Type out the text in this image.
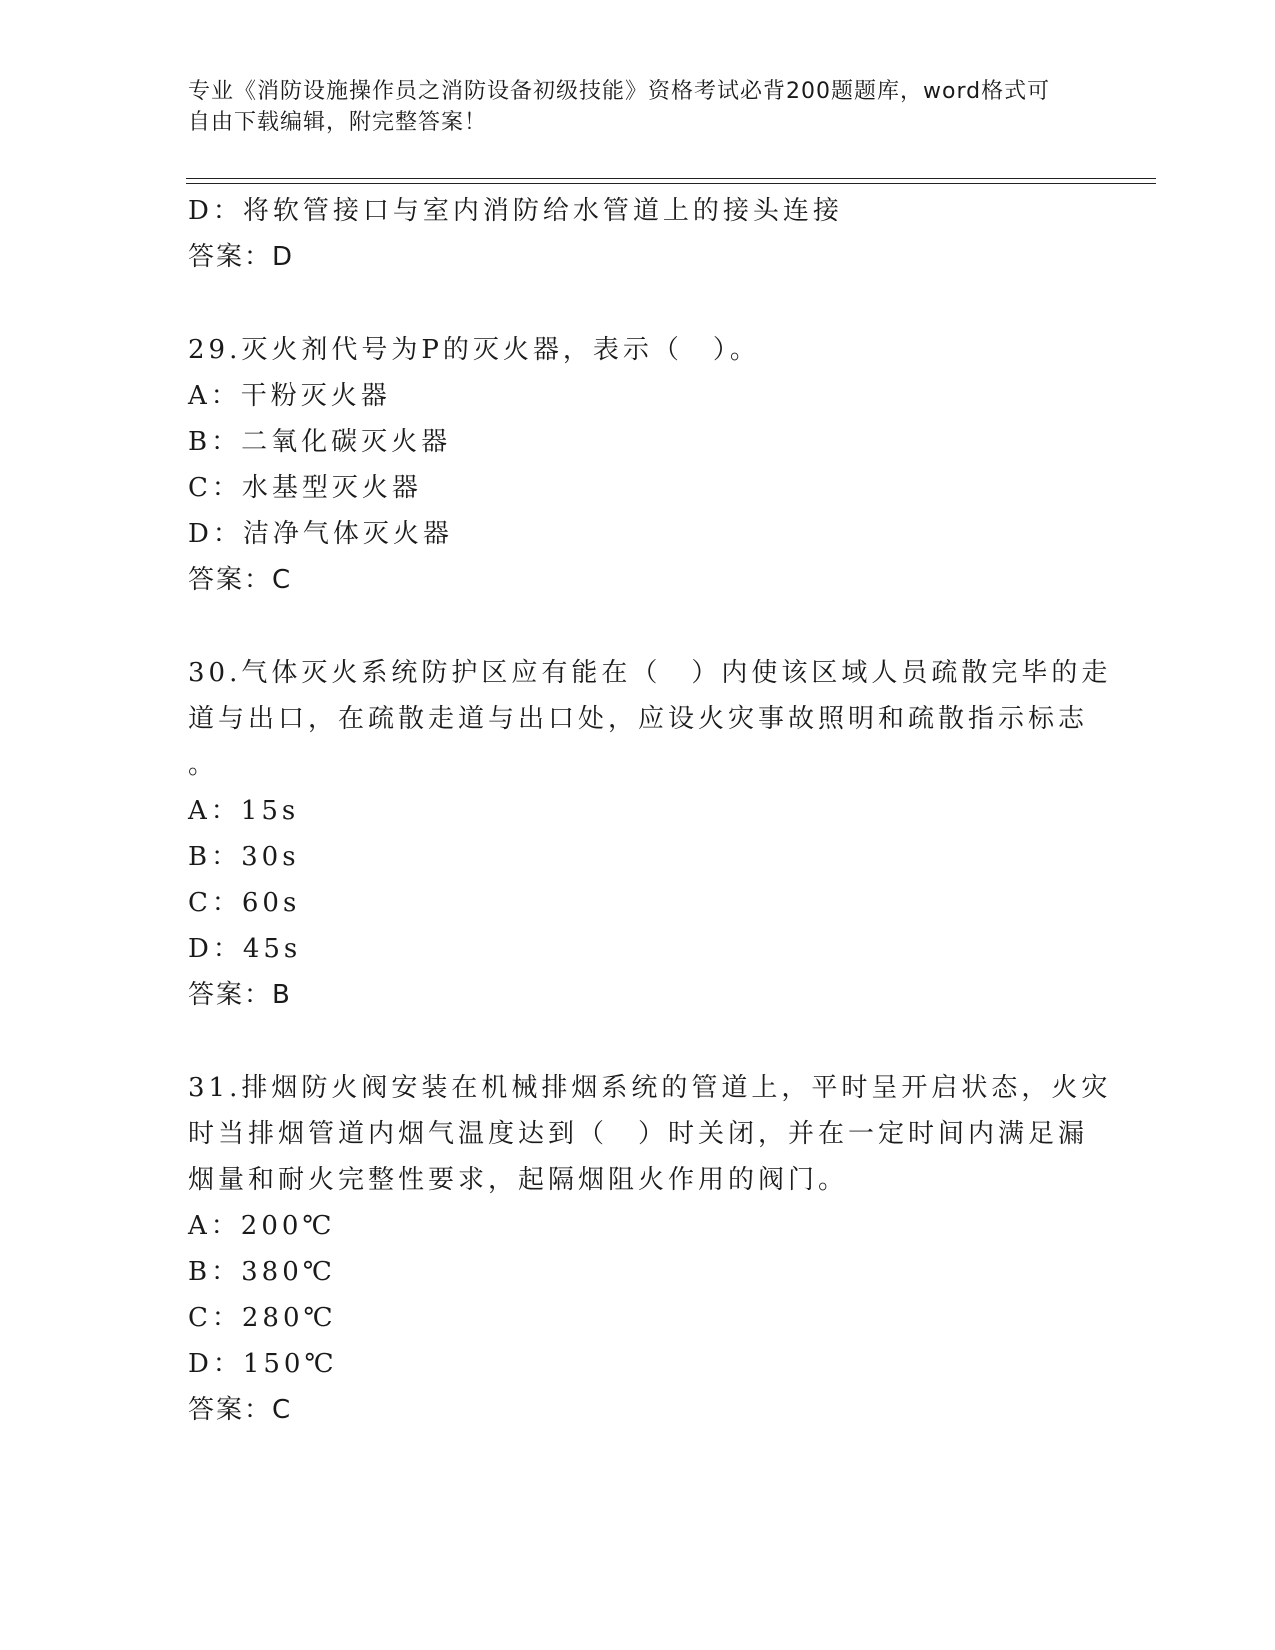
专业《消防设施操作员之消防设备初级技能》资格考试必背200题题库，word格式可自由下载编辑，附完整答案！
D：将软管接口与室内消防给水管道上的接头连接
答案：D
29.灭火剂代号为P的灭火器，表示（　）。
A：干粉灭火器
B：二氧化碳灭火器
C：水基型灭火器
D：洁净气体灭火器
答案：C
30.气体灭火系统防护区应有能在（　）内使该区域人员疏散完毕的走
道与出口，在疏散走道与出口处，应设火灾事故照明和疏散指示标志
。
A：15s
B：30s
C：60s
D：45s
答案：B
31.排烟防火阀安装在机械排烟系统的管道上，平时呈开启状态，火灾
时当排烟管道内烟气温度达到（　）时关闭，并在一定时间内满足漏
烟量和耐火完整性要求，起隔烟阻火作用的阀门。
A：200℃
B：380℃
C：280℃
D：150℃
答案：C
